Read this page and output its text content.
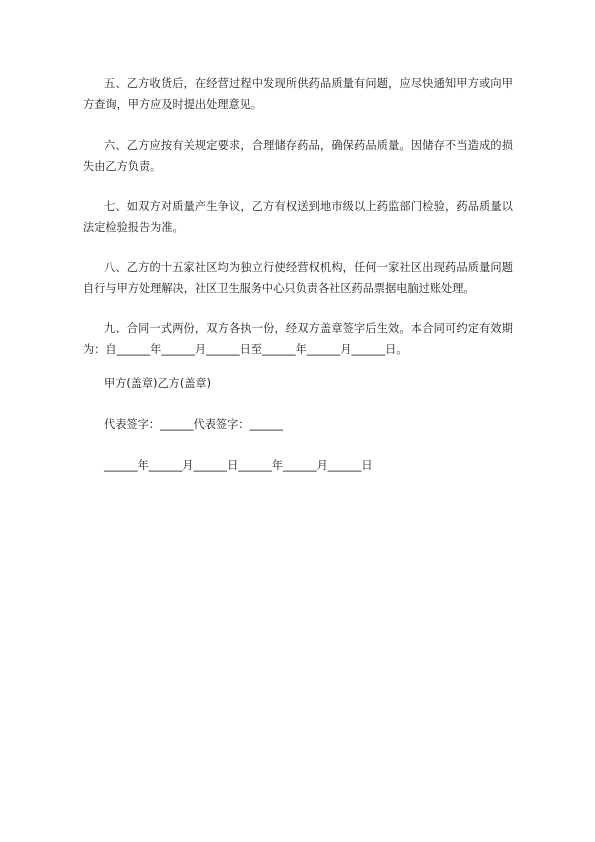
五、乙方收货后，在经营过程中发现所供药品质量有问题，应尽快通知甲方或向甲方查询，甲方应及时提出处理意见。

六、乙方应按有关规定要求，合理储存药品，确保药品质量。因储存不当造成的损失由乙方负责。

七、如双方对质量产生争议，乙方有权送到地市级以上药监部门检验，药品质量以法定检验报告为准。

八、乙方的十五家社区均为独立行使经营权机构，任何一家社区出现药品质量问题自行与甲方处理解决，社区卫生服务中心只负责各社区药品票据电脑过账处理。

九、合同一式两份，双方各执一份，经双方盖章签字后生效。本合同可约定有效期为：自______年______月______日至______年______月______日。

甲方(盖章)乙方(盖章)

代表签字：______代表签字：______

______年______月______日______年______月______日
